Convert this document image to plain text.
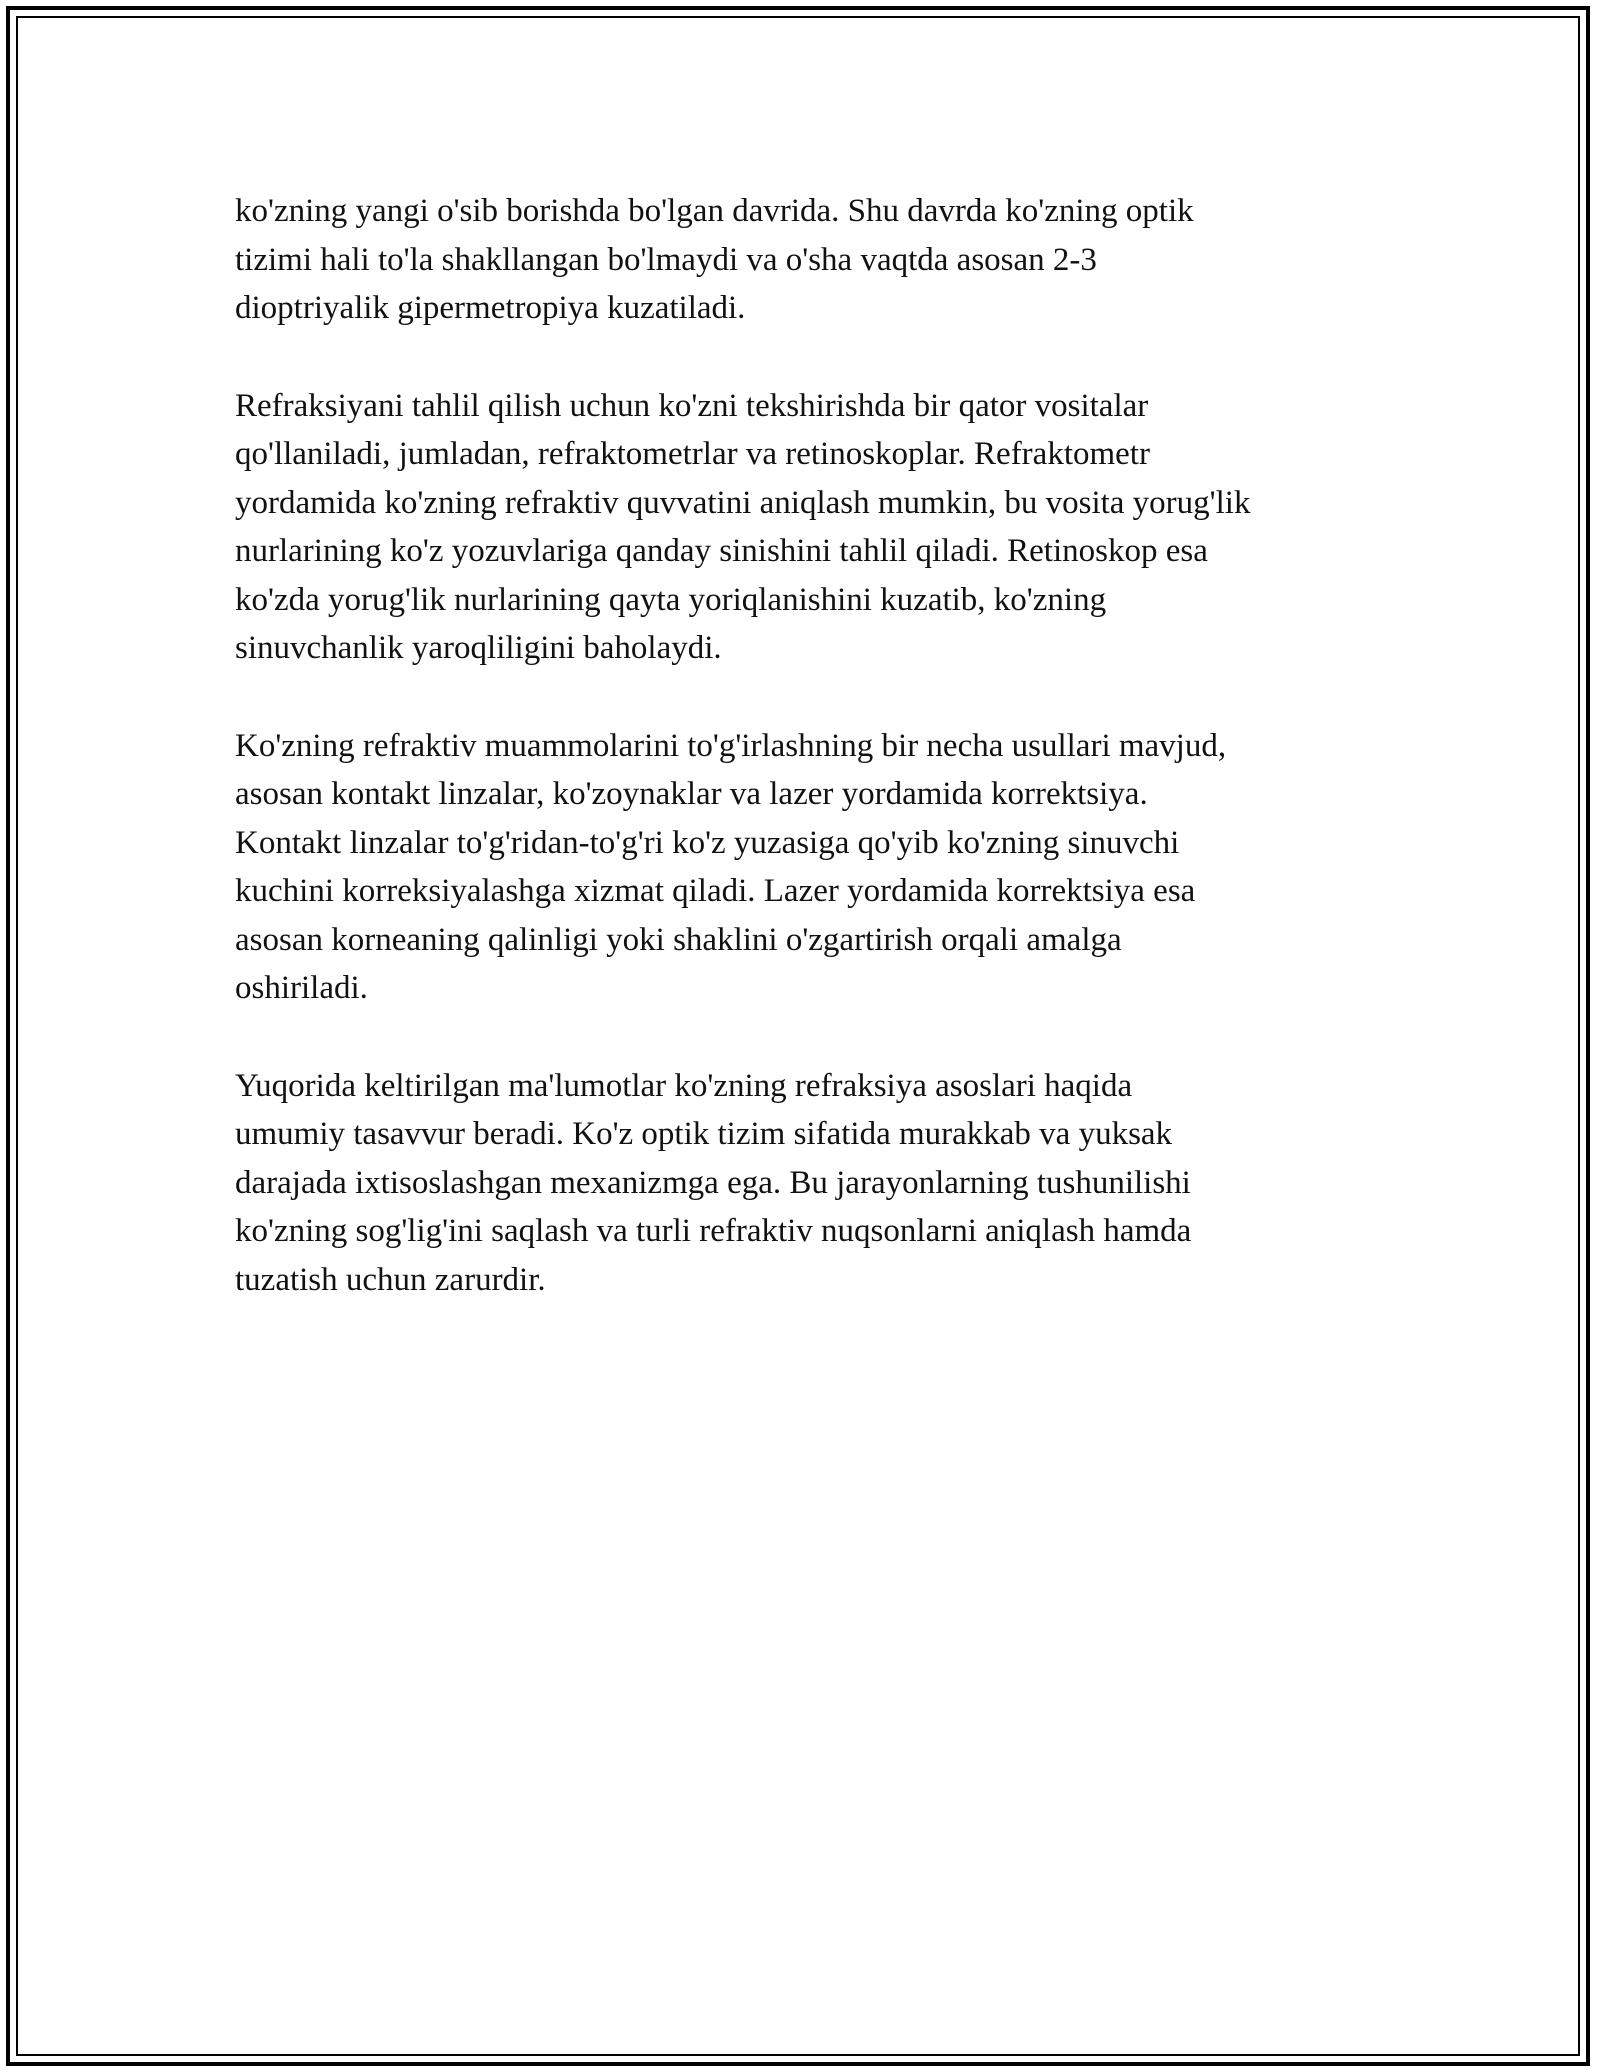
ko'zning yangi o'sib borishda bo'lgan davrida. Shu davrda ko'zning optik
tizimi hali to'la shakllangan bo'lmaydi va o'sha vaqtda asosan 2-3
dioptriyalik gipermetropiya kuzatiladi.

Refraksiyani tahlil qilish uchun ko'zni tekshirishda bir qator vositalar
qo'llaniladi, jumladan, refraktometrlar va retinoskoplar. Refraktometr
yordamida ko'zning refraktiv quvvatini aniqlash mumkin, bu vosita yorug'lik
nurlarining ko'z yozuvlariga qanday sinishini tahlil qiladi. Retinoskop esa
ko'zda yorug'lik nurlarining qayta yoriqlanishini kuzatib, ko'zning
sinuvchanlik yaroqliligini baholaydi.

Ko'zning refraktiv muammolarini to'g'irlashning bir necha usullari mavjud,
asosan kontakt linzalar, ko'zoynaklar va lazer yordamida korrektsiya.
Kontakt linzalar to'g'ridan-to'g'ri ko'z yuzasiga qo'yib ko'zning sinuvchi
kuchini korreksiyalashga xizmat qiladi. Lazer yordamida korrektsiya esa
asosan korneaning qalinligi yoki shaklini o'zgartirish orqali amalga
oshiriladi.

Yuqorida keltirilgan ma'lumotlar ko'zning refraksiya asoslari haqida
umumiy tasavvur beradi. Ko'z optik tizim sifatida murakkab va yuksak
darajada ixtisoslashgan mexanizmga ega. Bu jarayonlarning tushunilishi
ko'zning sog'lig'ini saqlash va turli refraktiv nuqsonlarni aniqlash hamda
tuzatish uchun zarurdir.
